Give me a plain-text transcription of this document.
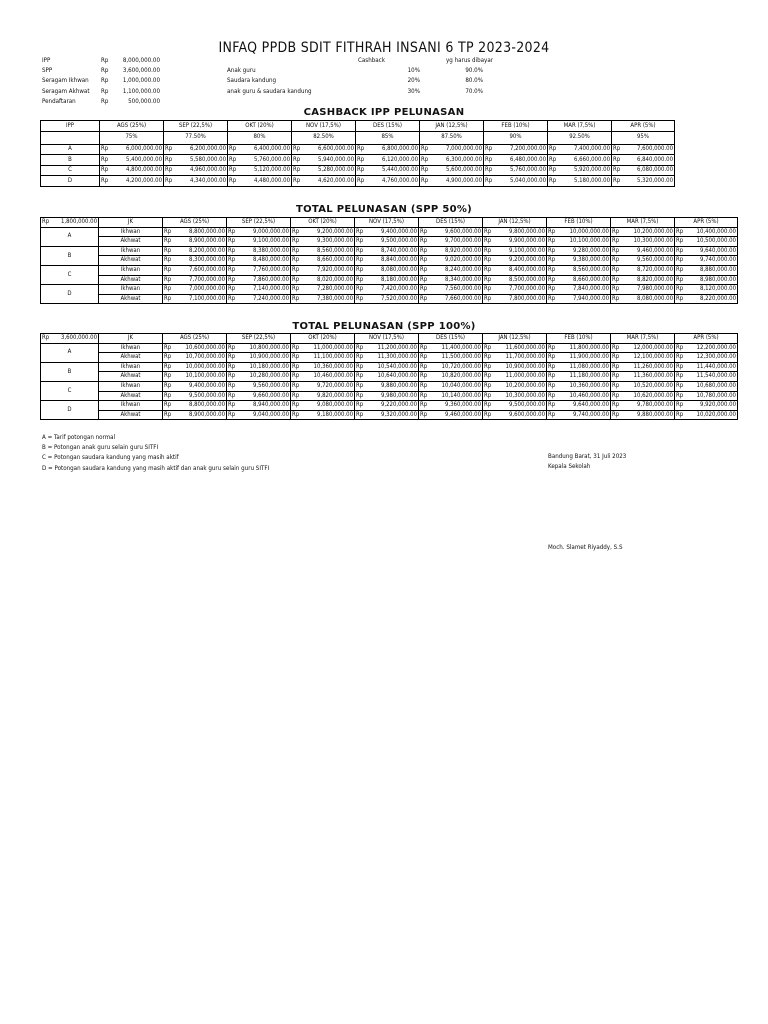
INFAQ PPDB SDIT FITHRAH INSANI 6 TP 2023-2024
IPP	Rp	8,000,000.00
SPP	Rp	3,600,000.00
Seragam Ikhwan Rp	1,000,000.00
Seragam Akhwat Rp	1,100,000.00
Pendaftaran	Rp	500,000.00
Cashback	yg harus dibayar
Anak guru	10%	90.0%
Saudara kandung	20%	80.0%
anak guru & saudara kandung	30%	70.0%
CASHBACK IPP PELUNASAN
IPP	AGS (25%)	SEP (22,5%)	OKT (20%)	NOV (17,5%)	DES (15%)	JAN (12,5%)	FEB (10%)	MAR (7,5%)	APR (5%)
	75%	77.50%	80%	82.50%	85%	87.50%	90%	92.50%	95%
A	Rp 6,000,000.00	Rp 6,200,000.00	Rp 6,400,000.00	Rp 6,600,000.00	Rp 6,800,000.00	Rp 7,000,000.00	Rp 7,200,000.00	Rp 7,400,000.00	Rp 7,600,000.00

B	Rp 5,400,000.00	Rp 5,580,000.00	Rp 5,760,000.00	Rp 5,940,000.00	Rp 6,120,000.00	Rp 6,300,000.00	Rp 6,480,000.00	Rp 6,660,000.00	Rp 6,840,000.00

C	Rp 4,800,000.00	Rp 4,960,000.00	Rp 5,120,000.00	Rp 5,280,000.00	Rp 5,440,000.00	Rp 5,600,000.00	Rp 5,760,000.00	Rp 5,920,000.00	Rp 6,080,000.00

D	Rp 4,200,000.00	Rp 4,340,000.00	Rp 4,480,000.00	Rp 4,620,000.00	Rp 4,760,000.00	Rp 4,900,000.00	Rp 5,040,000.00	Rp 5,180,000.00	Rp 5,320,000.00
TOTAL PELUNASAN (SPP 50%)
Rp 1,800,000.00	JK	AGS (25%)	SEP (22,5%)	OKT (20%)	NOV (17,5%)	DES (15%)	JAN (12,5%)	FEB (10%)	MAR (7,5%)	APR (5%)
A	Ikhwan	Rp 8,800,000.00	Rp 9,000,000.00	Rp 9,200,000.00	Rp 9,400,000.00	Rp 9,600,000.00	Rp 9,800,000.00	Rp 10,000,000.00	Rp 10,200,000.00	Rp 10,400,000.00

	Akhwat	Rp 8,900,000.00	Rp 9,100,000.00	Rp 9,300,000.00	Rp 9,500,000.00	Rp 9,700,000.00	Rp 9,900,000.00	Rp 10,100,000.00	Rp 10,300,000.00	Rp 10,500,000.00

B	Ikhwan	Rp 8,200,000.00	Rp 8,380,000.00	Rp 8,560,000.00	Rp 8,740,000.00	Rp 8,920,000.00	Rp 9,100,000.00	Rp 9,280,000.00	Rp 9,460,000.00	Rp 9,640,000.00

	Akhwat	Rp 8,300,000.00	Rp 8,480,000.00	Rp 8,660,000.00	Rp 8,840,000.00	Rp 9,020,000.00	Rp 9,200,000.00	Rp 9,380,000.00	Rp 9,560,000.00	Rp 9,740,000.00

C	Ikhwan	Rp 7,600,000.00	Rp 7,760,000.00	Rp 7,920,000.00	Rp 8,080,000.00	Rp 8,240,000.00	Rp 8,400,000.00	Rp 8,560,000.00	Rp 8,720,000.00	Rp 8,880,000.00

	Akhwat	Rp 7,700,000.00	Rp 7,860,000.00	Rp 8,020,000.00	Rp 8,180,000.00	Rp 8,340,000.00	Rp 8,500,000.00	Rp 8,660,000.00	Rp 8,820,000.00	Rp 8,980,000.00

D	Ikhwan	Rp 7,000,000.00	Rp 7,140,000.00	Rp 7,280,000.00	Rp 7,420,000.00	Rp 7,560,000.00	Rp 7,700,000.00	Rp 7,840,000.00	Rp 7,980,000.00	Rp 8,120,000.00

	Akhwat	Rp 7,100,000.00	Rp 7,240,000.00	Rp 7,380,000.00	Rp 7,520,000.00	Rp 7,660,000.00	Rp 7,800,000.00	Rp 7,940,000.00	Rp 8,080,000.00	Rp 8,220,000.00
TOTAL PELUNASAN (SPP 100%)
Rp 3,600,000.00	JK	AGS (25%)	SEP (22,5%)	OKT (20%)	NOV (17,5%)	DES (15%)	JAN (12,5%)	FEB (10%)	MAR (7,5%)	APR (5%)
A	Ikhwan	Rp 10,600,000.00	Rp 10,800,000.00	Rp 11,000,000.00	Rp 11,200,000.00	Rp 11,400,000.00	Rp 11,600,000.00	Rp 11,800,000.00	Rp 12,000,000.00	Rp 12,200,000.00

	Akhwat	Rp 10,700,000.00	Rp 10,900,000.00	Rp 11,100,000.00	Rp 11,300,000.00	Rp 11,500,000.00	Rp 11,700,000.00	Rp 11,900,000.00	Rp 12,100,000.00	Rp 12,300,000.00

B	Ikhwan	Rp 10,000,000.00	Rp 10,180,000.00	Rp 10,360,000.00	Rp 10,540,000.00	Rp 10,720,000.00	Rp 10,900,000.00	Rp 11,080,000.00	Rp 11,260,000.00	Rp 11,440,000.00

	Akhwat	Rp 10,100,000.00	Rp 10,280,000.00	Rp 10,460,000.00	Rp 10,640,000.00	Rp 10,820,000.00	Rp 11,000,000.00	Rp 11,180,000.00	Rp 11,360,000.00	Rp 11,540,000.00

C	Ikhwan	Rp 9,400,000.00	Rp 9,560,000.00	Rp 9,720,000.00	Rp 9,880,000.00	Rp 10,040,000.00	Rp 10,200,000.00	Rp 10,360,000.00	Rp 10,520,000.00	Rp 10,680,000.00

	Akhwat	Rp 9,500,000.00	Rp 9,660,000.00	Rp 9,820,000.00	Rp 9,980,000.00	Rp 10,140,000.00	Rp 10,300,000.00	Rp 10,460,000.00	Rp 10,620,000.00	Rp 10,780,000.00

D	Ikhwan	Rp 8,800,000.00	Rp 8,940,000.00	Rp 9,080,000.00	Rp 9,220,000.00	Rp 9,360,000.00	Rp 9,500,000.00	Rp 9,640,000.00	Rp 9,780,000.00	Rp 9,920,000.00

	Akhwat	Rp 8,900,000.00	Rp 9,040,000.00	Rp 9,180,000.00	Rp 9,320,000.00	Rp 9,460,000.00	Rp 9,600,000.00	Rp 9,740,000.00	Rp 9,880,000.00	Rp 10,020,000.00
A = Tarif potongan normal
B = Potongan anak guru selain guru SITFI
C = Potongan saudara kandung yang masih aktif
D = Potongan saudara kandung yang masih aktif dan anak guru selain guru SITFI
Bandung Barat, 31 Juli 2023
Kepala Sekolah
Moch. Slamet Riyaddy, S.S
